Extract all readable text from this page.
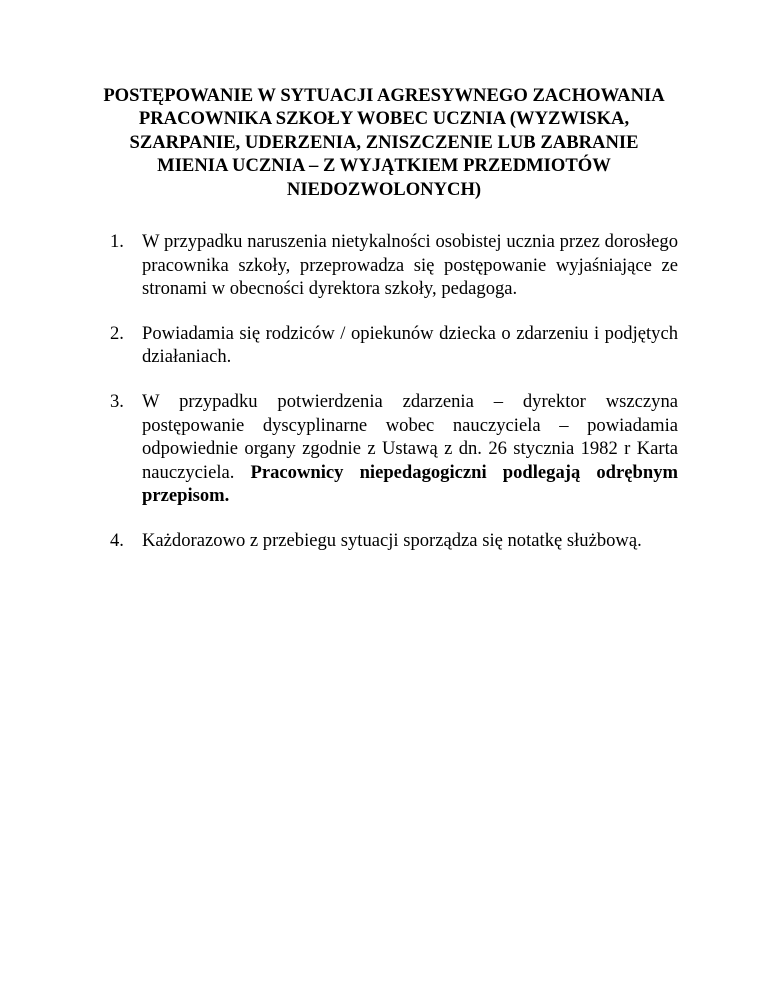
POSTĘPOWANIE W SYTUACJI AGRESYWNEGO ZACHOWANIA
PRACOWNIKA SZKOŁY WOBEC UCZNIA (WYZWISKA,
SZARPANIE, UDERZENIA, ZNISZCZENIE LUB ZABRANIE
MIENIA UCZNIA – Z WYJĄTKIEM PRZEDMIOTÓW
NIEDOZWOLONYCH)
1. W przypadku naruszenia nietykalności osobistej ucznia przez dorosłego pracownika szkoły, przeprowadza się postępowanie wyjaśniające ze stronami w obecności dyrektora szkoły, pedagoga.
2. Powiadamia się rodziców / opiekunów dziecka o zdarzeniu i podjętych działaniach.
3. W przypadku potwierdzenia zdarzenia – dyrektor wszczyna postępowanie dyscyplinarne wobec nauczyciela – powiadamia odpowiednie organy zgodnie z Ustawą z dn. 26 stycznia 1982 r Karta nauczyciela. Pracownicy niepedagogiczni podlegają odrębnym przepisom.
4. Każdorazowo z przebiegu sytuacji sporządza się notatkę służbową.
